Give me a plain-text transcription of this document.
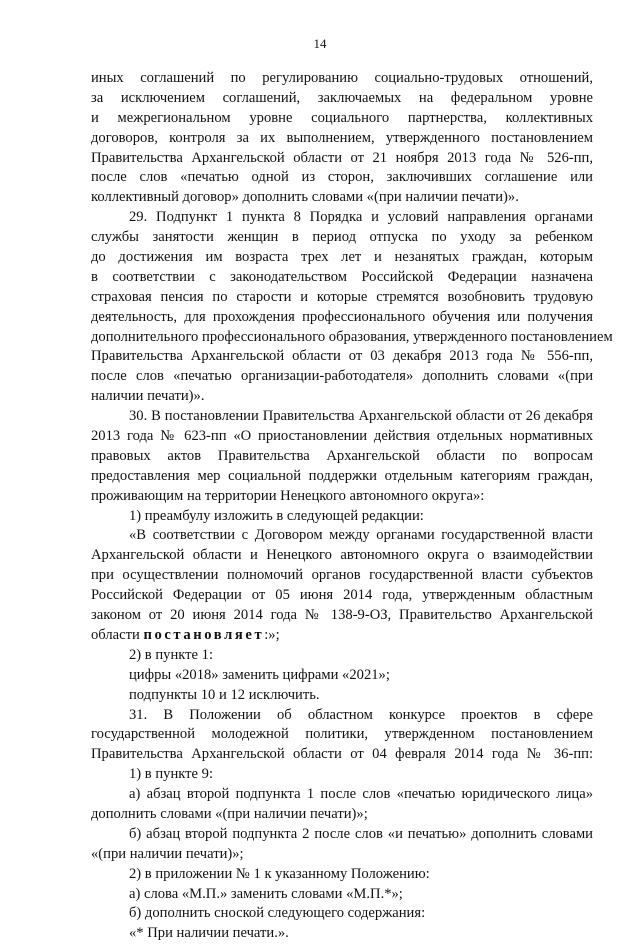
14
иных соглашений по регулированию социально-трудовых отношений,
за исключением соглашений, заключаемых на федеральном уровне
и межрегиональном уровне социального партнерства, коллективных
договоров, контроля за их выполнением, утвержденного постановлением
Правительства Архангельской области от 21 ноября 2013 года № 526-пп,
после слов «печатью одной из сторон, заключивших соглашение или
коллективный договор» дополнить словами «(при наличии печати)».
29. Подпункт 1 пункта 8 Порядка и условий направления органами
службы занятости женщин в период отпуска по уходу за ребенком
до достижения им возраста трех лет и незанятых граждан, которым
в соответствии с законодательством Российской Федерации назначена
страховая пенсия по старости и которые стремятся возобновить трудовую
деятельность, для прохождения профессионального обучения или получения
дополнительного профессионального образования, утвержденного постановлением
Правительства Архангельской области от 03 декабря 2013 года № 556-пп,
после слов «печатью организации-работодателя» дополнить словами «(при
наличии печати)».
30. В постановлении Правительства Архангельской области от 26 декабря
2013 года № 623-пп «О приостановлении действия отдельных нормативных
правовых актов Правительства Архангельской области по вопросам
предоставления мер социальной поддержки отдельным категориям граждан,
проживающим на территории Ненецкого автономного округа»:
1) преамбулу изложить в следующей редакции:
«В соответствии с Договором между органами государственной власти
Архангельской области и Ненецкого автономного округа о взаимодействии
при осуществлении полномочий органов государственной власти субъектов
Российской Федерации от 05 июня 2014 года, утвержденным областным
законом от 20 июня 2014 года № 138-9-ОЗ, Правительство Архангельской
области постановляет:»;
2) в пункте 1:
цифры «2018» заменить цифрами «2021»;
подпункты 10 и 12 исключить.
31. В Положении об областном конкурсе проектов в сфере
государственной молодежной политики, утвержденном постановлением
Правительства Архангельской области от 04 февраля 2014 года № 36-пп:
1) в пункте 9:
а) абзац второй подпункта 1 после слов «печатью юридического лица»
дополнить словами «(при наличии печати)»;
б) абзац второй подпункта 2 после слов «и печатью» дополнить словами
«(при наличии печати)»;
2) в приложении № 1 к указанному Положению:
а) слова «М.П.» заменить словами «М.П.*»;
б) дополнить сноской следующего содержания:
«* При наличии печати.».
